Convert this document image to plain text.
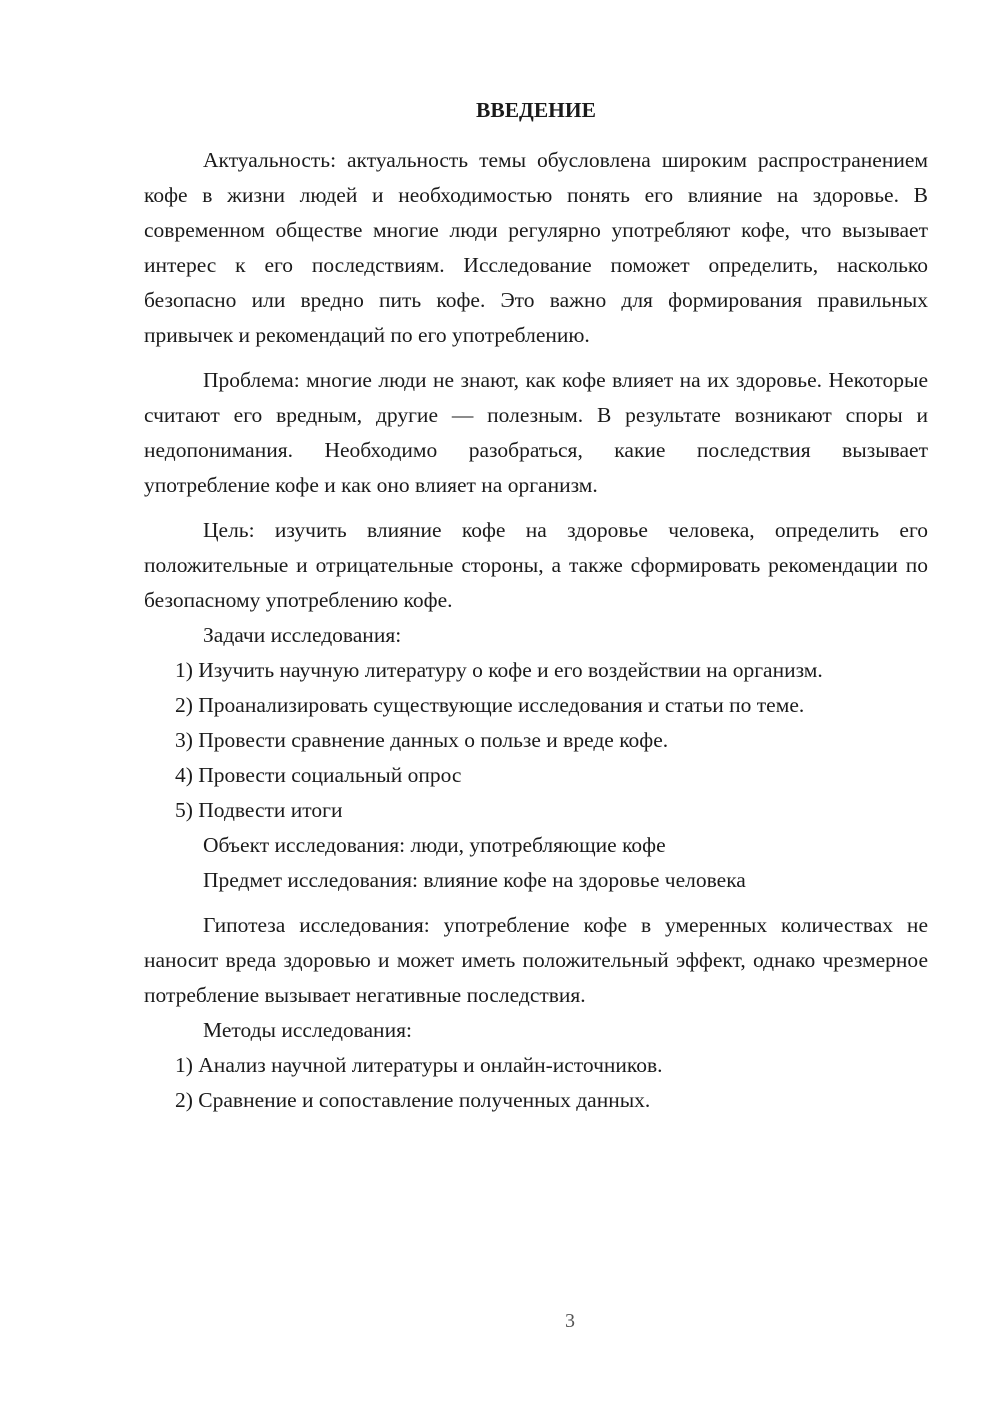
ВВЕДЕНИЕ

Актуальность: актуальность темы обусловлена широким распространением кофе в жизни людей и необходимостью понять его влияние на здоровье. В современном обществе многие люди регулярно употребляют кофе, что вызывает интерес к его последствиям. Исследование поможет определить, насколько безопасно или вредно пить кофе. Это важно для формирования правильных привычек и рекомендаций по его употреблению.

Проблема: многие люди не знают, как кофе влияет на их здоровье. Некоторые считают его вредным, другие — полезным. В результате возникают споры и недопонимания. Необходимо разобраться, какие последствия вызывает употребление кофе и как оно влияет на организм.

Цель: изучить влияние кофе на здоровье человека, определить его положительные и отрицательные стороны, а также сформировать рекомендации по безопасному употреблению кофе.

Задачи исследования:

1) Изучить научную литературу о кофе и его воздействии на организм.

2) Проанализировать существующие исследования и статьи по теме.

3) Провести сравнение данных о пользе и вреде кофе.

4) Провести социальный опрос

5) Подвести итоги

Объект исследования: люди, употребляющие кофе

Предмет исследования: влияние кофе на здоровье человека

Гипотеза исследования: употребление кофе в умеренных количествах не наносит вреда здоровью и может иметь положительный эффект, однако чрезмерное потребление вызывает негативные последствия.

Методы исследования:

1) Анализ научной литературы и онлайн-источников.

2) Сравнение и сопоставление полученных данных.

3
